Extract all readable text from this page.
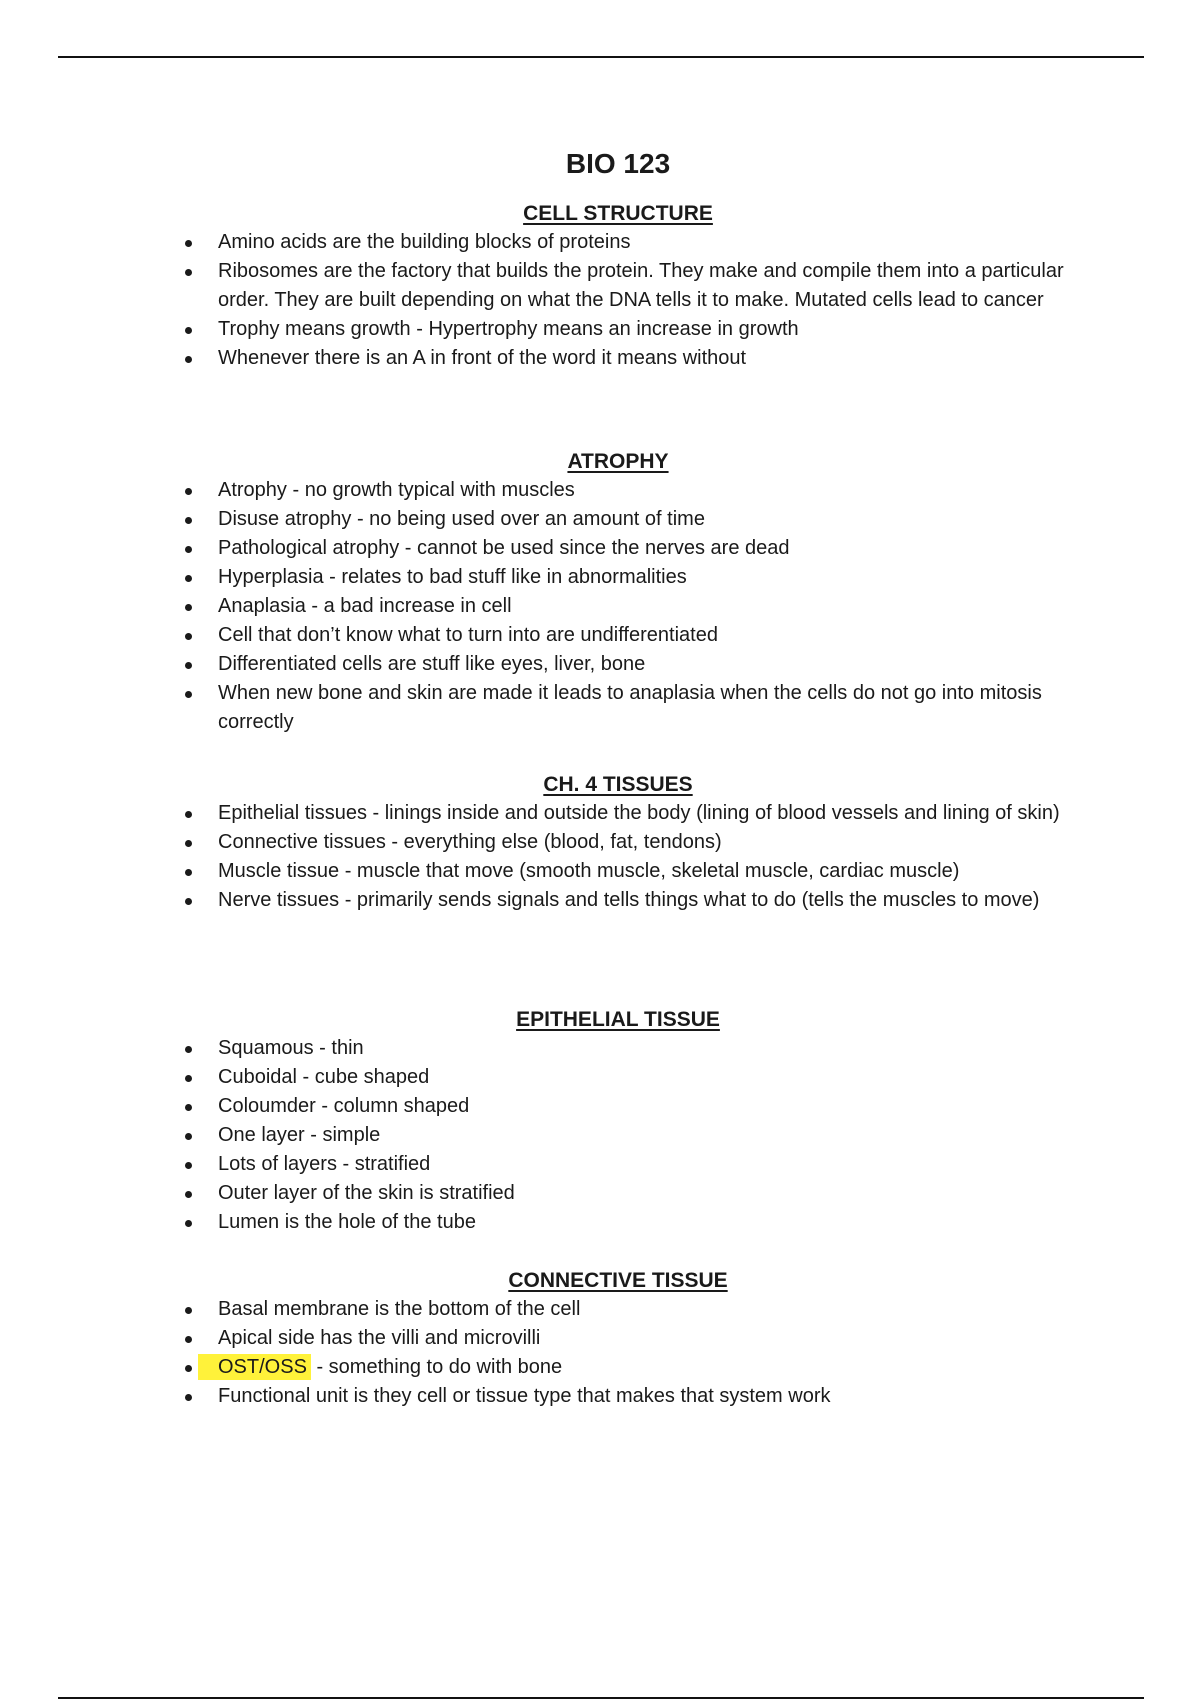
BIO 123
CELL STRUCTURE
Amino acids are the building blocks of proteins
Ribosomes are the factory that builds the protein. They make and compile them into a particular order. They are built depending on what the DNA tells it to make. Mutated cells lead to cancer
Trophy means growth - Hypertrophy means an increase in growth
Whenever there is an A in front of the word it means without
ATROPHY
Atrophy - no growth typical with muscles
Disuse atrophy - no being used over an amount of time
Pathological atrophy - cannot be used since the nerves are dead
Hyperplasia - relates to bad stuff like in abnormalities
Anaplasia - a bad increase in cell
Cell that don’t know what to turn into are undifferentiated
Differentiated cells are stuff like eyes, liver, bone
When new bone and skin are made it leads to anaplasia when the cells do not go into mitosis correctly
CH. 4 TISSUES
Epithelial tissues - linings inside and outside the body (lining of blood vessels and lining of skin)
Connective tissues - everything else (blood, fat, tendons)
Muscle tissue - muscle that move (smooth muscle, skeletal muscle, cardiac muscle)
Nerve tissues - primarily sends signals and tells things what to do (tells the muscles to move)
EPITHELIAL TISSUE
Squamous - thin
Cuboidal - cube shaped
Coloumder - column shaped
One layer - simple
Lots of layers - stratified
Outer layer of the skin is stratified
Lumen is the hole of the tube
CONNECTIVE TISSUE
Basal membrane is the bottom of the cell
Apical side has the villi and microvilli
OST/OSS - something to do with bone
Functional unit is they cell or tissue type that makes that system work
